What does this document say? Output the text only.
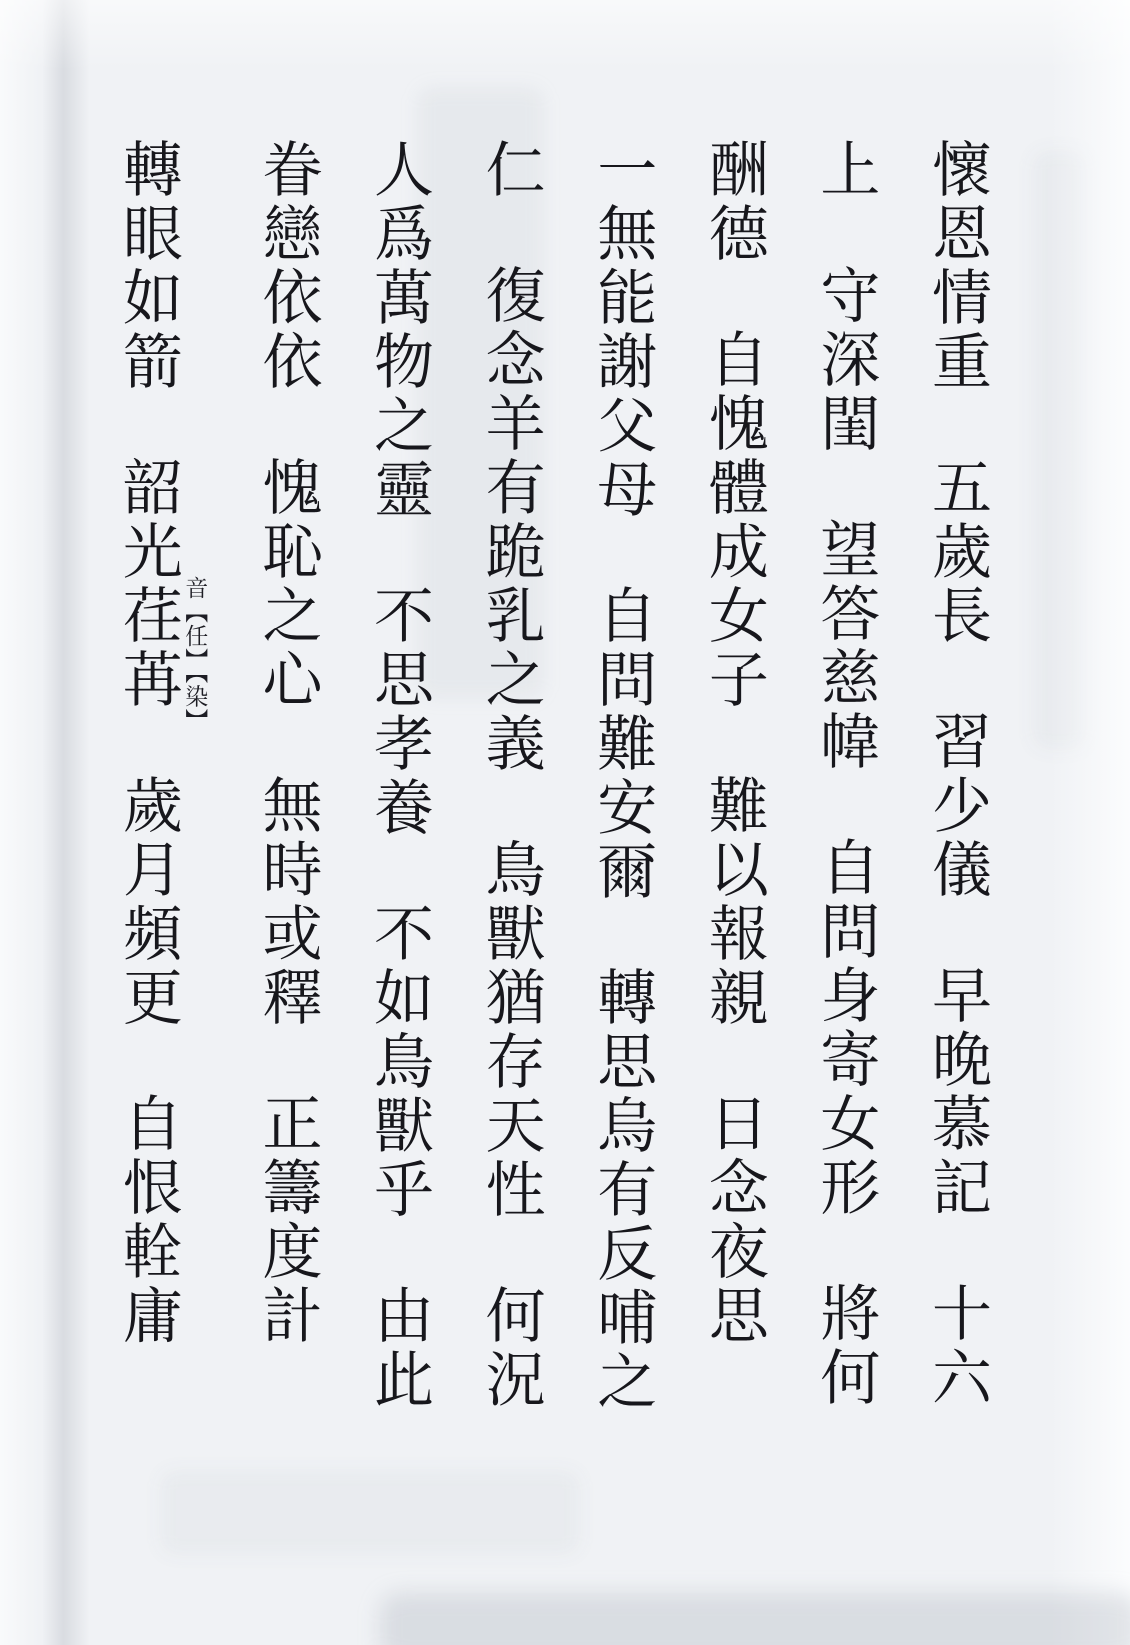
懷恩情重五歲長習少儀早晚慕記十六
上守深閨望答慈幃自問身寄女形將何
酬德自愧體成女子難以報親日念夜思
一無能謝父母自問難安爾轉思烏有反哺之
仁復念羊有跪乳之義鳥獸猶存天性何況
人爲萬物之靈不思孝養不如鳥獸乎由此
眷戀依依愧恥之心無時或釋正籌度計
轉眼如箭韶光荏苒 音【任】【染】
歲月頻更自恨輇庸
